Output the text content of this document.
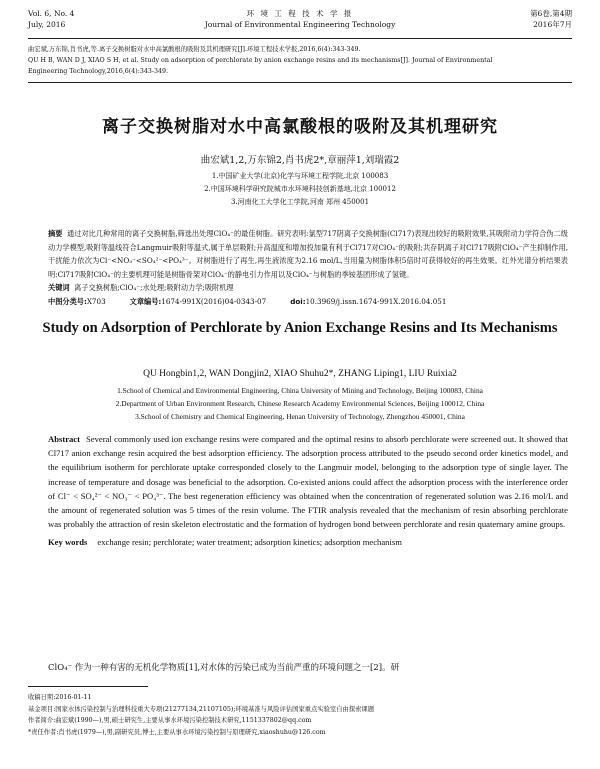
Vol. 6, No. 4
July, 2016
环 境 工 程 技 术 学 报
Journal of Environmental Engineering Technology
第6卷,第4期
2016年7月

曲宏斌,万东锦,肖书虎,等.离子交换树脂对水中高氯酸根的吸附及其机理研究[J].环境工程技术学报,2016,6(4):343-349.

QU H B, WAN D J, XIAO S H, et al. Study on adsorption of perchlorate by anion exchange resins and its mechanisms[J]. Journal of Environmental

Engineering Technology,2016,6(4):343-349.

离子交换树脂对水中高氯酸根的吸附及其机理研究
曲宏斌1,2,万东锦2,肖书虎2*,章丽萍1,刘瑞霞2

1.中国矿业大学(北京)化学与环境工程学院,北京 100083

2.中国环境科学研究院城市水环境科技创新基地,北京 100012

3.河南化工大学化工学院,河南 郑州 450001

摘要 通过对比几种常用的离子交换树脂,筛选出处理ClO₄⁻的最佳树脂。研究表明:氯型717阴离子交换树脂(Cl717)表现出较好的吸附效果,其吸附动力学符合伪二级动力学模型,吸附等温线符合Langmuir吸附等温式,属于单层吸附;升高温度和增加投加量有利于Cl717对ClO₄⁻的吸附;共存阴离子对Cl717吸附ClO₄⁻产生抑制作用,干扰能力依次为Cl⁻<NO₃⁻<SO₄²⁻<PO₄³⁻。对树脂进行了再生,再生液浓度为2.16 mol/L,当用量为树脂体积5倍时可获得较好的再生效果。红外光谱分析结果表明:Cl717吸附ClO₄⁻的主要机理可能是树脂骨架对ClO₄⁻的静电引力作用以及ClO₄⁻与树脂的季铵基团形成了氢键。

关键词 离子交换树脂;ClO₄⁻;水处理;吸附动力学;吸附机理

中图分类号:X703	文章编号:1674-991X(2016)04-0343-07	doi:10.3969/j.issn.1674-991X.2016.04.051

Study on Adsorption of Perchlorate by Anion Exchange Resins and Its Mechanisms
QU Hongbin1,2, WAN Dongjin2, XIAO Shuhu2*, ZHANG Liping1, LIU Ruixia2

1.School of Chemical and Environmental Engineering, China University of Mining and Technology, Beijing 100083, China

2.Department of Urban Environment Research, Chinese Research Academy Environmental Sciences, Beijing 100012, China

3.School of Chemistry and Chemical Engineering, Henan University of Technology, Zhengzhou 450001, China

Abstract Several commonly used ion exchange resins were compared and the optimal resins to absorb perchlorate were screened out. It showed that Cl717 anion exchange resin acquired the best adsorption efficiency. The adsorption process attributed to the pseudo second order kinetics model, and the equilibrium isotherm for perchlorate uptake corresponded closely to the Langmuir model, belonging to the adsorption type of single layer. The increase of temperature and dosage was beneficial to the adsorption. Co-existed anions could affect the adsorption process with the interference order of Cl⁻ < SO₄²⁻ < NO₃⁻ < PO₄³⁻. The best regeneration efficiency was obtained when the concentration of regenerated solution was 2.16 mol/L and the amount of regenerated solution was 5 times of the resin volume. The FTIR analysis revealed that the mechanism of resin absorbing perchlorate was probably the attraction of resin skeleton electrostatic and the formation of hydrogen bond between perchlorate and resin quaternary amine groups.

Key words exchange resin; perchlorate; water treatment; adsorption kinetics; adsorption mechanism

ClO₄⁻ 作为一种有害的无机化学物质[1],对水体的污染已成为当前严重的环境问题之一[2]。研

收稿日期:2016-01-11

基金项目:国家水体污染控制与治理科技重大专项(21277134,21107105);环境基准与风险评估国家重点实验室自由探索课题

作者简介:曲宏斌(1990—),男,硕士研究生,主要从事水环境污染控制技术研究,1151337802@qq.com

*责任作者:肖书虎(1979—),男,副研究员,博士,主要从事水环境污染控制与原理研究,xiaoshuhu@126.com
